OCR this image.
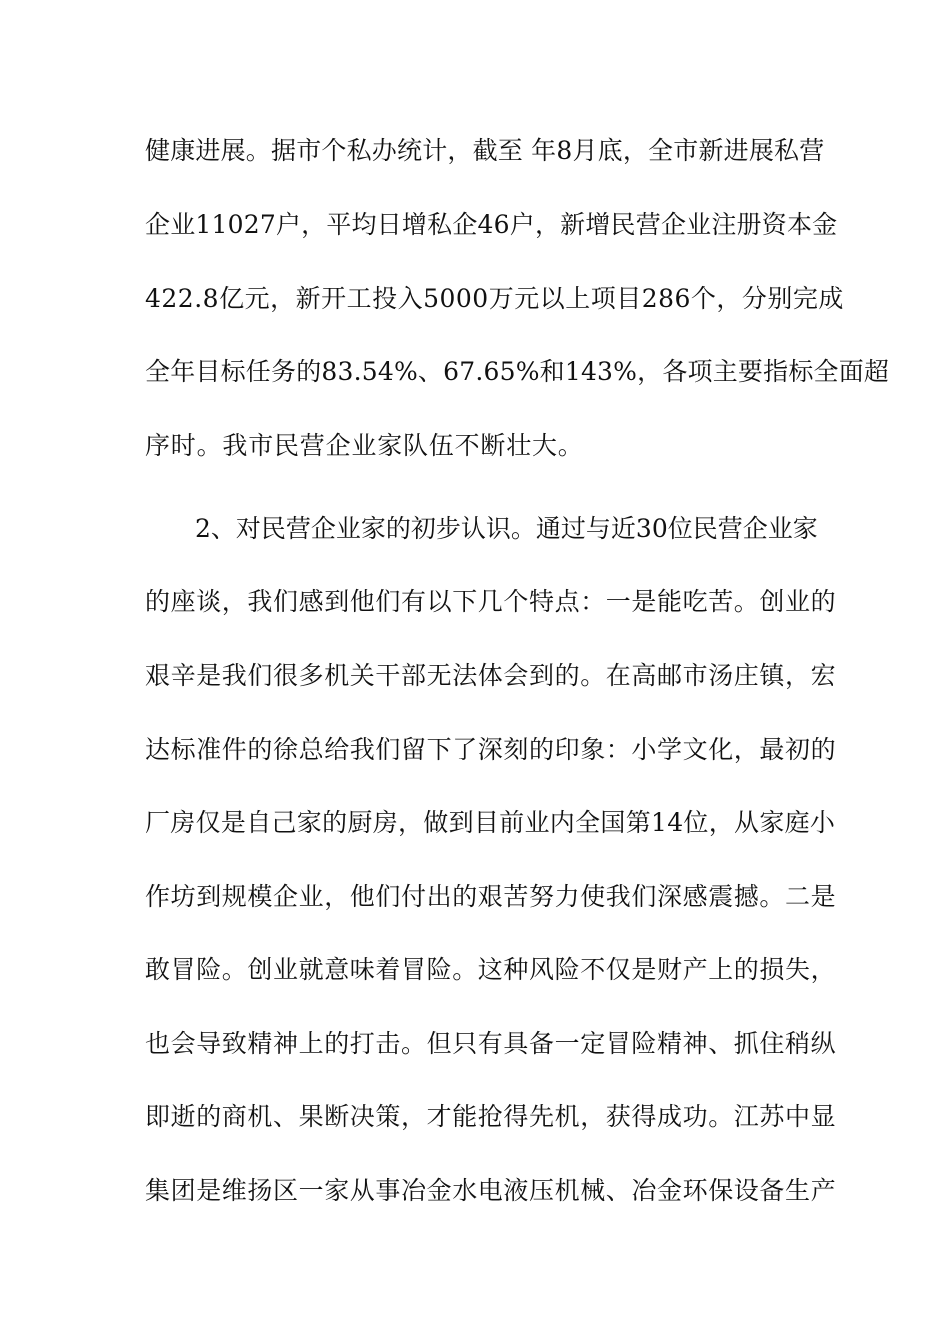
健康进展。据市个私办统计，截至 年8月底，全市新进展私营
企业11027户，平均日增私企46户，新增民营企业注册资本金
422.8亿元，新开工投入5000万元以上项目286个，分别完成
全年目标任务的83.54%、67.65%和143%，各项主要指标全面超
序时。我市民营企业家队伍不断壮大。
2、对民营企业家的初步认识。通过与近30位民营企业家
的座谈，我们感到他们有以下几个特点：一是能吃苦。创业的
艰辛是我们很多机关干部无法体会到的。在高邮市汤庄镇，宏
达标准件的徐总给我们留下了深刻的印象：小学文化，最初的
厂房仅是自己家的厨房，做到目前业内全国第14位，从家庭小
作坊到规模企业，他们付出的艰苦努力使我们深感震撼。二是
敢冒险。创业就意味着冒险。这种风险不仅是财产上的损失，
也会导致精神上的打击。但只有具备一定冒险精神、抓住稍纵
即逝的商机、果断决策，才能抢得先机，获得成功。江苏中显
集团是维扬区一家从事冶金水电液压机械、冶金环保设备生产
